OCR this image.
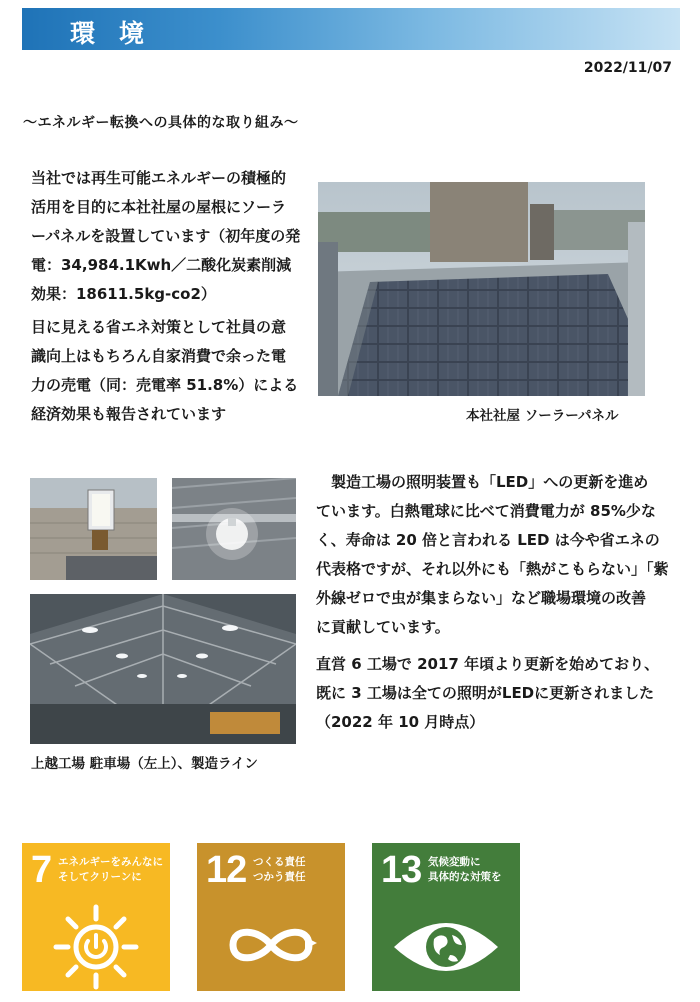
環境
2022/11/07
～エネルギー転換への具体的な取り組み～
当社では再生可能エネルギーの積極的
活用を目的に本社社屋の屋根にソーラ
ーパネルを設置しています（初年度の発
電：34,984.1Kwh／二酸化炭素削減
効果：18611.5kg-co2）
目に見える省エネ対策として社員の意
識向上はもちろん自家消費で余った電
力の売電（同：売電率 51.8%）による
経済効果も報告されています	本社社屋 ソーラーパネル
上越工場 駐車場（左上）、製造ライン
　製造工場の照明装置も「LED」への更新を進め
ています。白熱電球に比べて消費電力が 85%少な
く、寿命は 20 倍と言われる LED は今や省エネの
代表格ですが、それ以外にも「熱がこもらない」「紫
外線ゼロで虫が集まらない」など職場環境の改善
に貢献しています。
直営 6 工場で 2017 年頃より更新を始めており、
既に 3 工場は全ての照明がLEDに更新されました
（2022 年 10 月時点）
7 エネルギーをみんなに
そしてクリーンに	12 つくる責任
つかう責任 13 気候変動に
具体的な対策を
